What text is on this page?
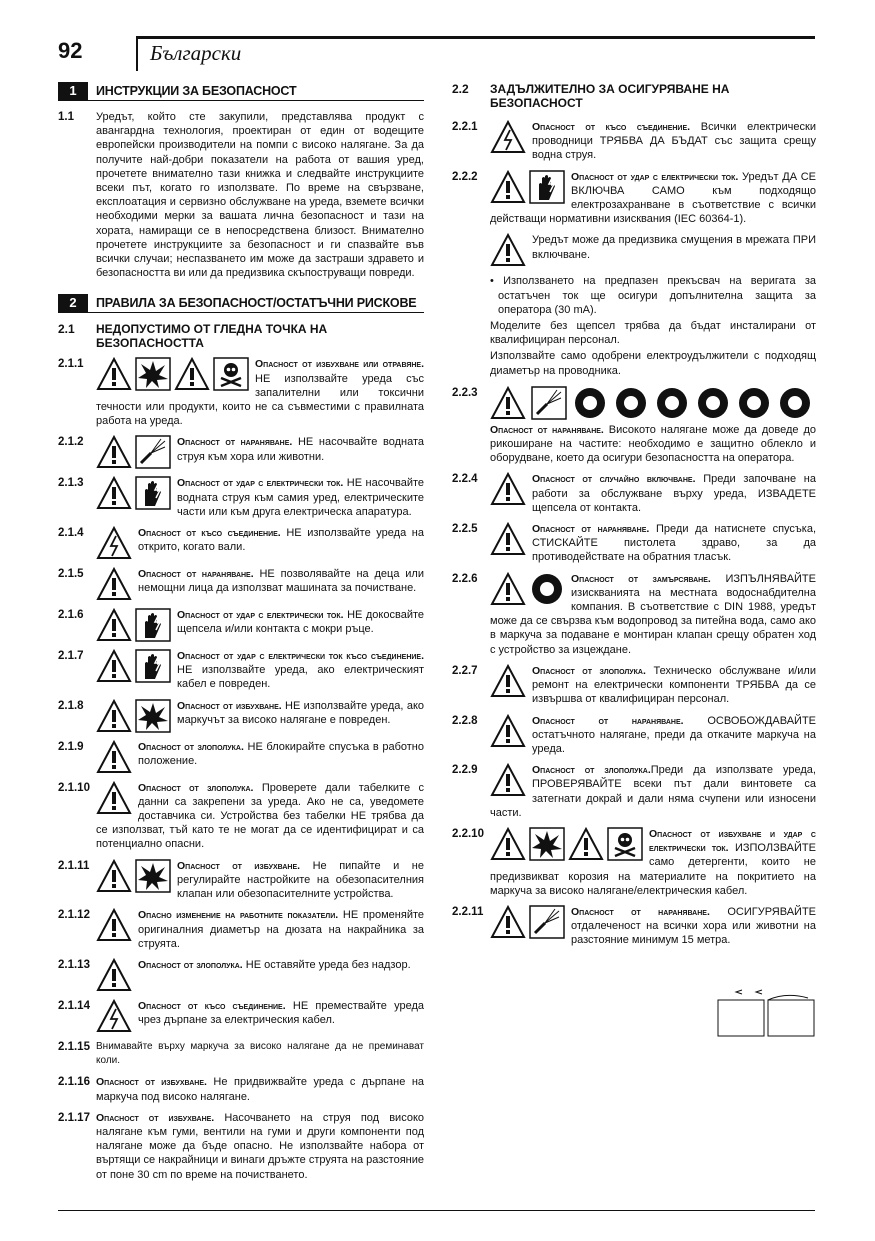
92	Български
1	ИНСТРУКЦИИ ЗА БЕЗОПАСНОСТ
1.1	Уредът, който сте закупили, представлява продукт с авангардна технология, проектиран от един от водещите европейски производители на помпи с високо налягане. За да получите най-добри показатели на работа от вашия уред, прочетете внимателно тази книжка и следвайте инструкциите всеки път, когато го използвате. По време на свързване, експлоатация и сервизно обслужване на уреда, вземете всички необходими мерки за вашата лична безопасност и тази на хората, намиращи се в непосредствена близост. Внимателно прочетете инструкциите за безопасност и ги спазвайте във всички случаи; неспазването им може да застраши здравето и безопасността ви или да предизвика скъпоструващи повреди.
2	ПРАВИЛА ЗА БЕЗОПАСНОСТ/ОСТАТЪЧНИ РИСКОВЕ
2.1	НЕДОПУСТИМО ОТ ГЛЕДНА ТОЧКА НА БЕЗОПАСНОСТТА
2.1.1	Опасност от избухване или отравяне. НЕ използвайте уреда със запалителни или токсични течности или продукти, които не са съвместими с правилната работа на уреда.
2.1.2	Опасност от нараняване. НЕ насочвайте водната струя към хора или животни.
2.1.3	Опасност от удар с електрически ток. НЕ насочвайте водната струя към самия уред, електрическите части или към друга електрическа апаратура.
2.1.4	Опасност от късо съединение. НЕ използвайте уреда на открито, когато вали.
2.1.5	Опасност от нараняване. НЕ позволявайте на деца или немощни лица да използват машината за почистване.
2.1.6	Опасност от удар с електрически ток. НЕ докосвайте щепсела и/или контакта с мокри ръце.
2.1.7	Опасност от удар с електрически ток късо съединение. НЕ използвайте уреда, ако електрическият кабел е повреден.
2.1.8	Опасност от избухване. НЕ използвайте уреда, ако маркучът за високо налягане е повреден.
2.1.9	Опасност от злополука. НЕ блокирайте спусъка в работно положение.
2.1.10	Опасност от злополука. Проверете дали табелките с данни са закрепени за уреда. Ако не са, уведомете доставчика си. Устройства без табелки НЕ трябва да се използват, тъй като те не могат да се идентифицират и са потенциално опасни.
2.1.11	Опасност от избухване. Не пипайте и не регулирайте настройките на обезопасителния клапан или обезопасителните устройства.
2.1.12	Опасно изменение на работните показатели. НЕ променяйте оригиналния диаметър на дюзата на накрайника за струята.
2.1.13	Опасност от злополука. НЕ оставяйте уреда без надзор.
2.1.14	Опасност от късо съединение. НЕ премествайте уреда чрез дърпане за електрическия кабел.
2.1.15 Внимавайте върху маркуча за високо налягане да не преминават коли.
2.1.16 Опасност от избухване. Не придвижвайте уреда с дърпане на маркуча под високо налягане.
2.1.17 Опасност от избухване. Насочването на струя под високо налягане към гуми, вентили на гуми и други компоненти под налягане може да бъде опасно. Не използвайте набора от въртящи се накрайници и винаги дръжте струята на разстояние от поне 30 cm по време на почистването.
2.2	ЗАДЪЛЖИТЕЛНО ЗА ОСИГУРЯВАНЕ НА БЕЗОПАСНОСТ
2.2.1	Опасност от късо съединение. Всички електрически проводници ТРЯБВА ДА БЪДАТ със защита срещу водна струя.
2.2.2	Опасност от удар с електрически ток. Уредът ДА СЕ ВКЛЮЧВА САМО към подходящо електрозахранване в съответствие с всички действащи нормативни изисквания (IEC 60364-1).
Уредът може да предизвика смущения в мрежата ПРИ включване.
• Използването на предпазен прекъсвач на веригата за остатъчен ток ще осигури допълнителна защита за оператора (30 mA).
Моделите без щепсел трябва да бъдат инсталирани от квалифициран персонал.
Използвайте само одобрени електроудължители с подходящ диаметър на проводника.
2.2.3
Опасност от нараняване. Високото налягане може да доведе до рикоширане на частите: необходимо е защитно облекло и оборудване, което да осигури безопасността на оператора.
2.2.4	Опасност от случайно включване. Преди започване на работи за обслужване върху уреда, ИЗВАДЕТЕ щепсела от контакта.
2.2.5	Опасност от нараняване. Преди да натиснете спусъка, СТИСКАЙТЕ пистолета здраво, за да противодействате на обратния тласък.
2.2.6	Опасност от замърсяване. ИЗПЪЛНЯВАЙТЕ изискванията на местната водоснабдителна компания. В съответствие с DIN 1988, уредът може да се свързва към водопровод за питейна вода, само ако в маркуча за подаване е монтиран клапан срещу обратен ход с устройство за изцеждане.
2.2.7	Опасност от злополука. Техническо обслужване и/или ремонт на електрически компоненти ТРЯБВА да се извършва от квалифициран персонал.
2.2.8	Опасност от нараняване. ОСВОБОЖДАВАЙТЕ остатъчното налягане, преди да откачите маркуча на уреда.
2.2.9	Опасност от злополука.Преди да използвате уреда, ПРОВЕРЯВАЙТЕ всеки път дали винтовете са затегнати докрай и дали няма счупени или износени части.
2.2.10	Опасност от избухване и удар с електрически ток. ИЗПОЛЗВАЙТЕ само детергенти, които не предизвикват корозия на материалите на покритието на маркуча за високо налягане/електрическия кабел.
2.2.11	Опасност от нараняване. ОСИГУРЯВАЙТЕ отдалеченост на всички хора или животни на разстояние минимум 15 метра.
